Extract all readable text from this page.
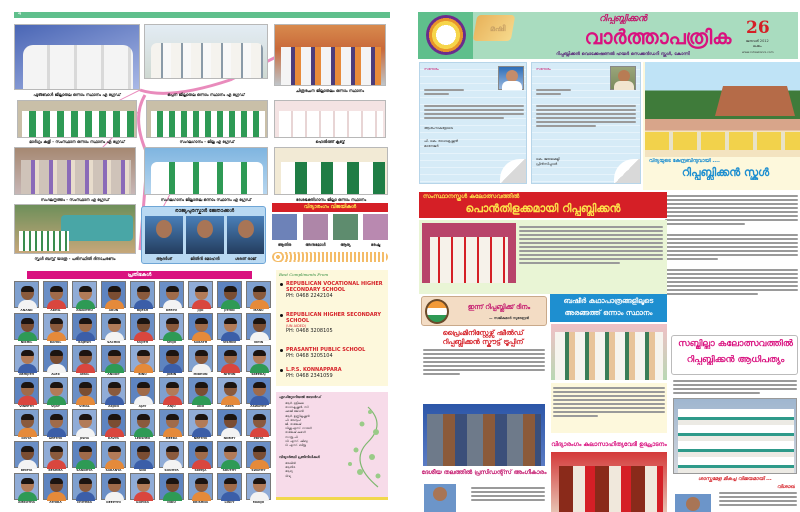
4
ഫുട്ബോൾ ജില്ലാതല ഒന്നാം സ്ഥാനം എ ഗ്രേഡ്	ഒപ്പന ജില്ലാതല ഒന്നാം സ്ഥാനം എ ഗ്രേഡ്
ചിത്രരചന ജില്ലാതലം ഒന്നാം സ്ഥാനം
മാർഗ്ഗം കളി - സംസ്ഥാന ഒന്നാം സ്ഥാനം എ ഗ്രേഡ്	സംഘഗാനം - ജില്ല എ ഗ്രേഡ്	ഹെൽത്ത് ക്ലബ്ബ്
സംഘനൃത്തം - സംസ്ഥാന എ ഗ്രേഡ്	സംഘഗാനം ജില്ലാതല ഒന്നാം സ്ഥാനം എ ഗ്രേഡ്	ദേശഭക്തിഗാനം ജില്ലാ ഒന്നാം സ്ഥാനം
സ്കൂൾ ബസ്സ് യാത്ര - പരിസ്ഥിതി ദിനാചരണം
രാജ്യപുരസ്കാർ ജേതാക്കൾ
ആദർശ്	ജിതിൻ മോഹൻ	ശരത് രാജ്
വിദ്യാരംഗം വിജയികൾ
ആതിര	അനുമോൾ	ആര്യ	രേഷ്മ
പ്രതിഭകൾ
ANAND	AKHIL	ANANTHU	ARUN	BIJESH	DEEPU	JIJO	JITHIN	MANU
NIKHIL	RAHUL	RAJESH	SACHIN	SUJITH	SHIJU	SARATH	VISHNU	VIPIN
ABHIJITH	ALEX	AMAL	ANOOP	BINU	JOBIN	MIDHUN	NITHIN	SREERAJ
VINEETH	VIJAY	VIMAL	ARJUN	AJAY	ANJU	ANU	ARYA	ASWATHY
DIVYA	GEETHU	JISHA	KAVYA	LEKSHMI	MEERA	NEETHU	NIMMY	PRIYA
REMYA	RESHMA	SANDHYA	SARANYA	SINI	SOUMYA	SREEJA	SRUTHY	SWATHY
AMRUTHA	ATHIRA	CHITHRA	DEEPTHI	GOPIKA	INDU	KRISHNA	LINCY	MANJU
Best Compliments From
REPUBLICAN VOCATIONAL HIGHER SECONDARY SCHOOL
PH: 0468 2242104
REPUBLICAN HIGHER SECONDARY SCHOOL
(UN AIDED)
PH: 0468 3208105
PRASANTHI PUBLIC SCHOOL
PH: 0468 3205104
L.P.S. KONNAPPARA
PH: 0468 2341059
എഡിറ്റോറിയൽ ബോർഡ്
ആർ. ശ്രീകല
രാധാകൃഷ്ണൻ. സി
ഷാജി ജോൺ
ആർ. ഉണ്ണികൃഷ്ണൻ
പി. അനൂപ്
ജി. രാജേഷ്
വിഷ്ണു എസ്. നായർ
രാജേഷ് കുമാർ
സാജു പി.
വി. എസ്. ഷിബു
ടി. എസ്. ബിജു
വിദ്യാർത്ഥി പ്രതിനിധികൾ
അഖിൽ
ആതിര
ആര്യ
ദിവ്യ
മഷി
റിപ്പബ്ലിക്കൻ
വാർത്താപത്രിക
റിപ്പബ്ലിക്കൻ വൊക്കേഷണൽ ഹയർ സെക്കൻഡറി സ്കൂൾ, കോന്നി
26
ജനുവരി 2012
ലക്കം
www.rvhsskonni.com
സന്ദേശം
ആശംസകളോടെ
പി. കെ. രാധാകൃഷ്ണൻ
മാനേജർ
സന്ദേശം
കെ. ജയലക്ഷ്മി
പ്രിൻസിപ്പാൾ	വിദ്യയുടെ കേന്ദ്രബിന്ദുവായി ....
റിപ്പബ്ലിക്കൻ സ്കൂൾ
സംസ്ഥാനസ്കൂൾ കലോത്സവത്തിൽ
പൊൻതിളക്കമായി റിപ്പബ്ലിക്കൻ
ഇന്ന് റിപ്പബ്ലിക്ക് ദിനം
— സജികുമാർ സുരേന്ദ്രൻ
ബഷീർ കഥാപാത്രങ്ങളിലൂടെ
അരങ്ങത്ത് ഒന്നാം സ്ഥാനം
പ്രൈംമിനിസ്റ്റേഴ്സ് ഷീൽഡ്
റിപ്പബ്ലിക്കൻ സ്കൗട്ട് ട്രൂപ്പിന്
ദേശീയ തലത്തിൽ പ്രസിഡന്റ്സ് അംഗീകാരം
വിദ്യാരംഗം കലാസാഹിത്യവേദി ഉദ്ഘാടനം
സബ്ജില്ലാ കലോത്സവത്തിൽ
റിപ്പബ്ലിക്കൻ ആധിപത്യം
ശാസ്ത്രമേള മികച്ച വിജയമായി ...
വിശാഖ്
